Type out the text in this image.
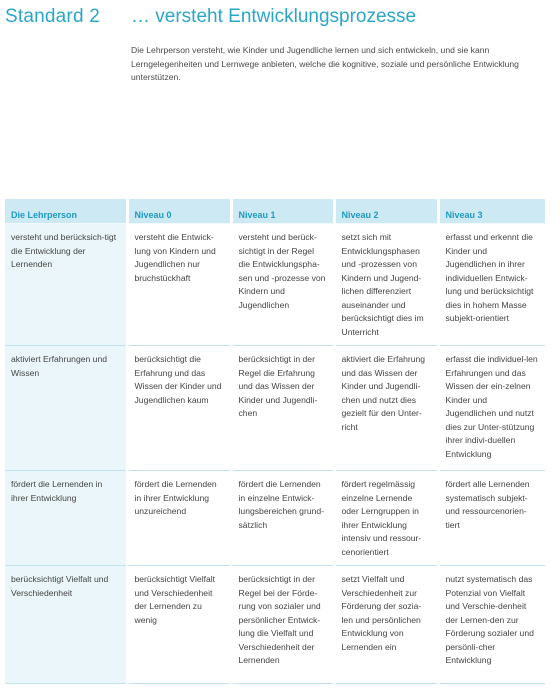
Standard 2 … versteht Entwicklungsprozesse
Die Lehrperson versteht, wie Kinder und Jugendliche lernen und sich entwickeln, und sie kann Lerngelegenheiten und Lernwege anbieten, welche die kognitive, soziale und persönliche Entwicklung unterstützen.
Die Lehrperson	Niveau 0	Niveau 1	Niveau 2	Niveau 3
versteht und berücksich-tigt die Entwicklung der Lernenden	versteht die Entwick-lung von Kindern und Jugendlichen nur bruchstückhaft	versteht und berück-sichtigt in der Regel die Entwicklungspha-sen und -prozesse von Kindern und Jugendlichen	setzt sich mit Entwicklungsphasen und -prozessen von Kindern und Jugend-lichen differenziert auseinander und berücksichtigt dies im Unterricht	erfasst und erkennt die Kinder und Jugendlichen in ihrer individuellen Entwick-lung und berücksichtigt dies in hohem Masse subjekt-orientiert
aktiviert Erfahrungen und Wissen	berücksichtigt die Erfahrung und das Wissen der Kinder und Jugendlichen kaum	berücksichtigt in der Regel die Erfahrung und das Wissen der Kinder und Jugendli-chen	aktiviert die Erfahrung und das Wissen der Kinder und Jugendli-chen und nutzt dies gezielt für den Unter-richt	erfasst die individuel-len Erfahrungen und das Wissen der ein-zelnen Kinder und Jugendlichen und nutzt dies zur Unter-stützung ihrer indivi-duellen Entwicklung
fördert die Lernenden in ihrer Entwicklung	fördert die Lernenden in ihrer Entwicklung unzureichend	fördert die Lernenden in einzelne Entwick-lungsbereichen grund-sätzlich	fördert regelmässig einzelne Lernende oder Lerngruppen in ihrer Entwicklung intensiv und ressour-cenorientiert	fördert alle Lernenden systematisch subjekt- und ressourcenorien-tiert
berücksichtigt Vielfalt und Verschiedenheit	berücksichtigt Vielfalt und Verschiedenheit der Lernenden zu wenig	berücksichtigt in der Regel bei der Förde-rung von sozialer und persönlicher Entwick-lung die Vielfalt und Verschiedenheit der Lernenden	setzt Vielfalt und Verschiedenheit zur Förderung der sozia-len und persönlichen Entwicklung von Lernenden ein	nutzt systematisch das Potenzial von Vielfalt und Verschie-denheit der Lernen-den zur Förderung sozialer und persönli-cher Entwicklung
